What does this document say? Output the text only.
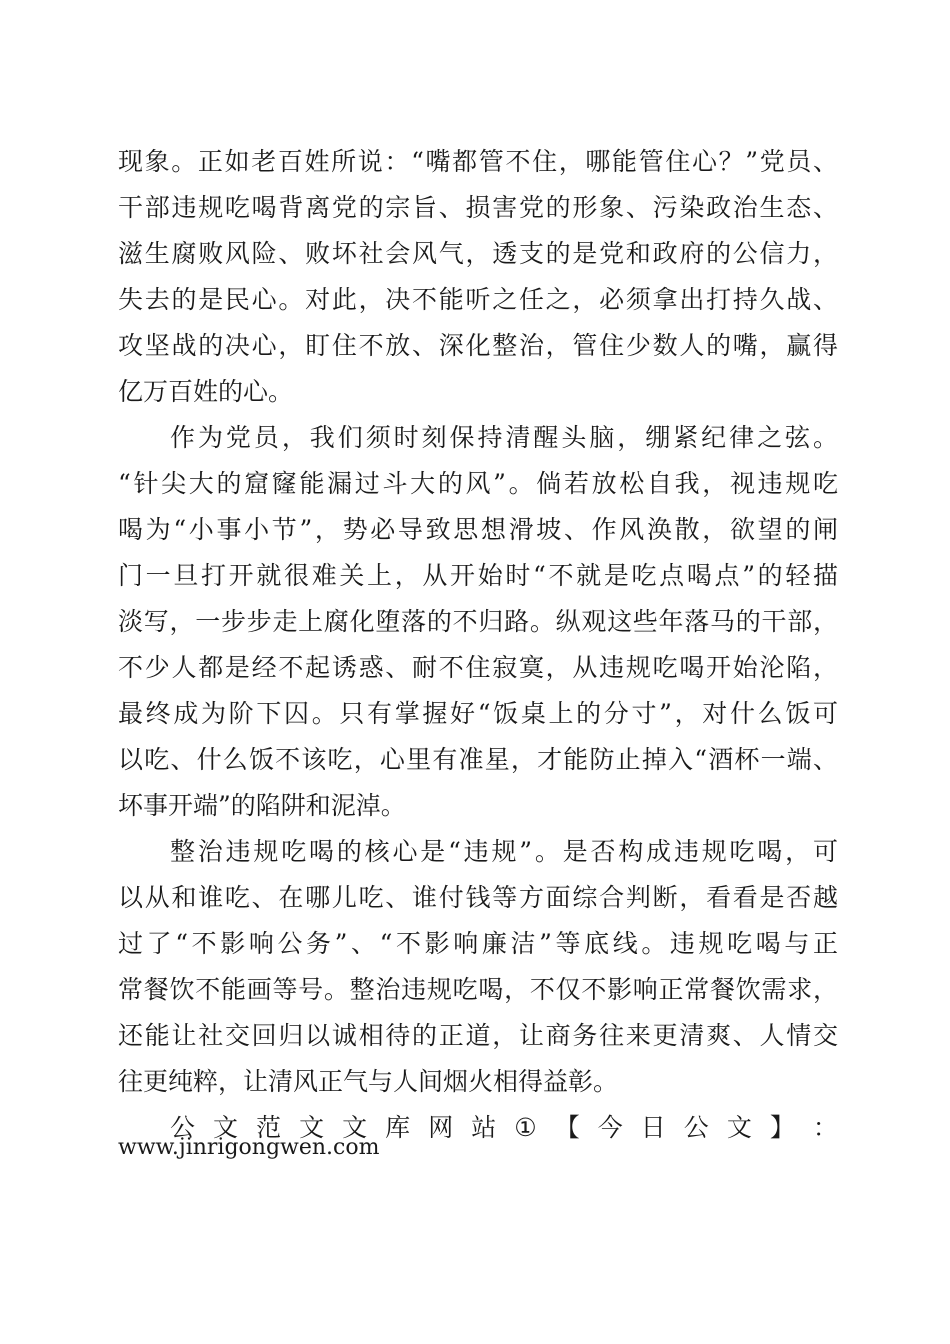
现象。正如老百姓所说：“嘴都管不住，哪能管住心？”党员、
干部违规吃喝背离党的宗旨、损害党的形象、污染政治生态、
滋生腐败风险、败坏社会风气，透支的是党和政府的公信力，
失去的是民心。对此，决不能听之任之，必须拿出打持久战、
攻坚战的决心，盯住不放、深化整治，管住少数人的嘴，赢得
亿万百姓的心。
作为党员，我们须时刻保持清醒头脑，绷紧纪律之弦。
“针尖大的窟窿能漏过斗大的风”。倘若放松自我，视违规吃
喝为“小事小节”，势必导致思想滑坡、作风涣散，欲望的闸
门一旦打开就很难关上，从开始时“不就是吃点喝点”的轻描
淡写，一步步走上腐化堕落的不归路。纵观这些年落马的干部，
不少人都是经不起诱惑、耐不住寂寞，从违规吃喝开始沦陷，
最终成为阶下囚。只有掌握好“饭桌上的分寸”，对什么饭可
以吃、什么饭不该吃，心里有准星，才能防止掉入“酒杯一端、
坏事开端”的陷阱和泥淖。
整治违规吃喝的核心是“违规”。是否构成违规吃喝，可
以从和谁吃、在哪儿吃、谁付钱等方面综合判断，看看是否越
过了“不影响公务”、“不影响廉洁”等底线。违规吃喝与正
常餐饮不能画等号。整治违规吃喝，不仅不影响正常餐饮需求，
还能让社交回归以诚相待的正道，让商务往来更清爽、人情交
往更纯粹，让清风正气与人间烟火相得益彰。
公 文 范 文 文 库 网 站 ① 【 今 日 公 文 】 ：
www.jinrigongwen.com
